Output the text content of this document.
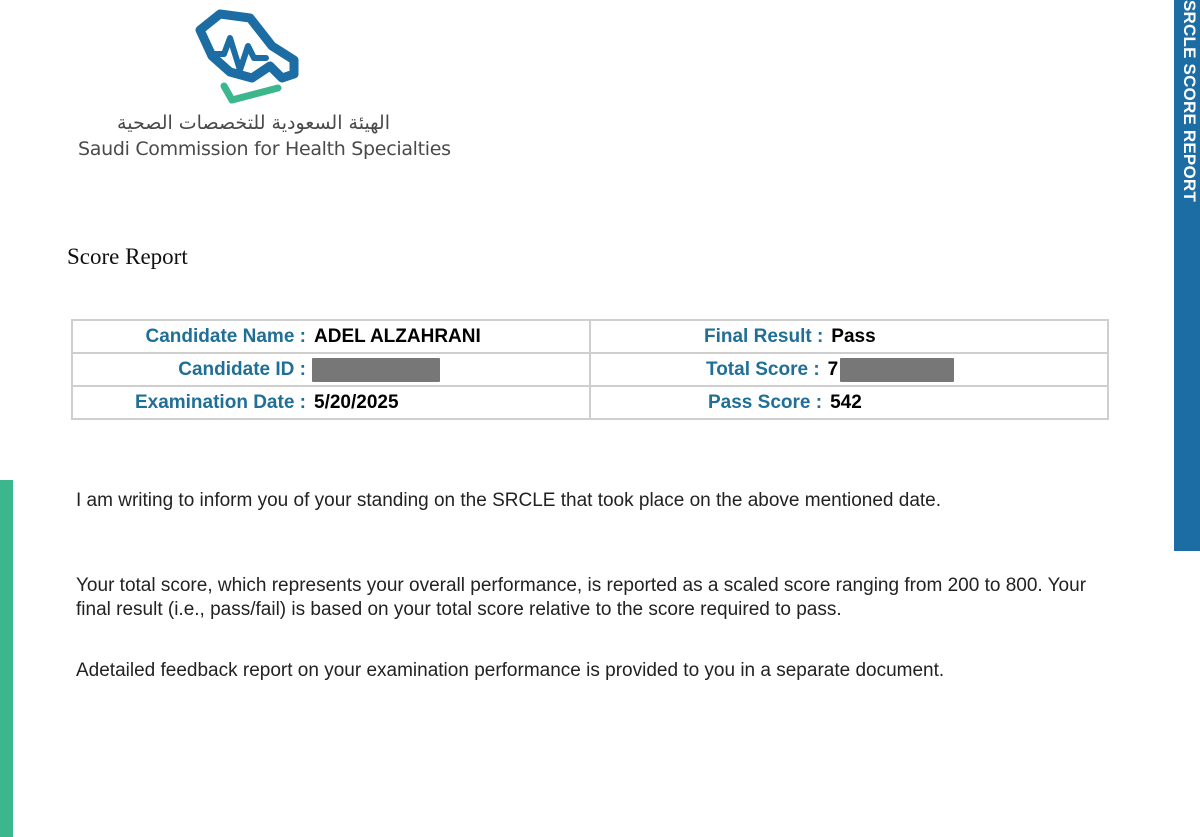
الهيئة السعودية للتخصصات الصحية
Saudi Commission for Health Specialties
Score Report
Candidate Name : ADEL ALZAHRANI	Final Result : Pass

Candidate ID :	Total Score : 7

Examination Date : 5/20/2025	Pass Score : 542

I am writing to inform you of your standing on the SRCLE that took place on the above mentioned date.

Your total score, which represents your overall performance, is reported as a scaled score ranging from 200 to 800. Your final result (i.e., pass/fail) is based on your total score relative to the score required to pass.

Adetailed feedback report on your examination performance is provided to you in a separate document.

SRCLE SCORE REPORT
